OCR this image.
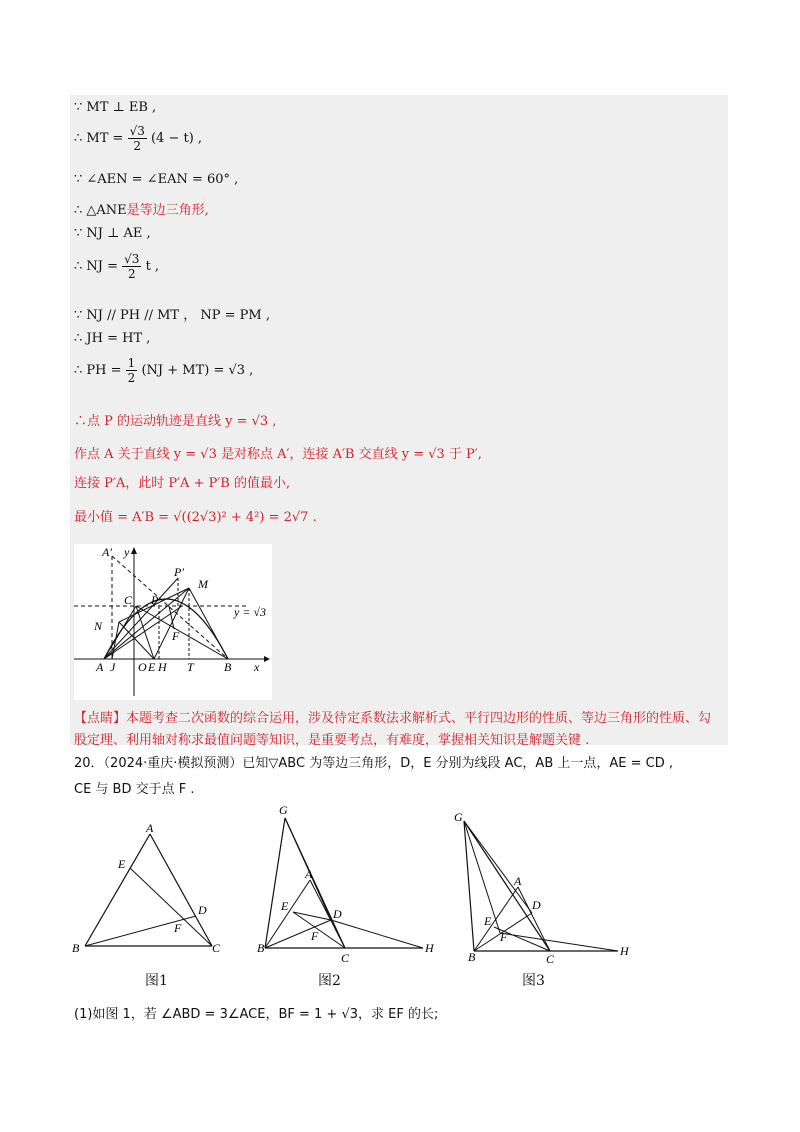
∵ MT ⊥ EB ,
∴ MT = $\frac{√3}{2} (4 - t)$ ,
∵ ∠AEN = ∠EAN = 60° ,
∴ △ANE是等边三角形,
∵ NJ ⊥ AE ,
∴ NJ = $\frac{√3}{2}$ t ,
∵ NJ // PH // MT ， NP = PM ,
∴ JH = HT ,
∴ PH = $\frac{1}{2} (NJ + MT) = √3$ ,
∴点 P 的运动轨迹是直线 y = √3 ,
作点 A 关于直线 y = √3 是对称点 A′，连接 A′B 交直线 y = √3 于 P′,
连接 P′A，此时 P′A + P′B 的值最小,
最小值 = A′B = √((2√3)² + 4²) = 2√7 .
A′ y
P′
M
C P
y = √3
N
F
A J O E H T	B x
【点睛】本题考查二次函数的综合运用，涉及待定系数法求解析式、平行四边形的性质、等边三角形的性质、勾股定理、利用轴对称求最值问题等知识，是重要考点，有难度，掌握相关知识是解题关键 .
20．（2024·重庆·模拟预测）已知▽ABC 为等边三角形，D，E 分别为线段 AC，AB 上一点，AE = CD ,
CE 与 BD 交于点 F .
A
E
D
F
B	C
图1
G
A
E
D
F
B
C
H
图2
G
A
D
E
F
B	C
H
图3
(1)如图 1，若 ∠ABD = 3∠ACE，BF = 1 + √3，求 EF 的长;
